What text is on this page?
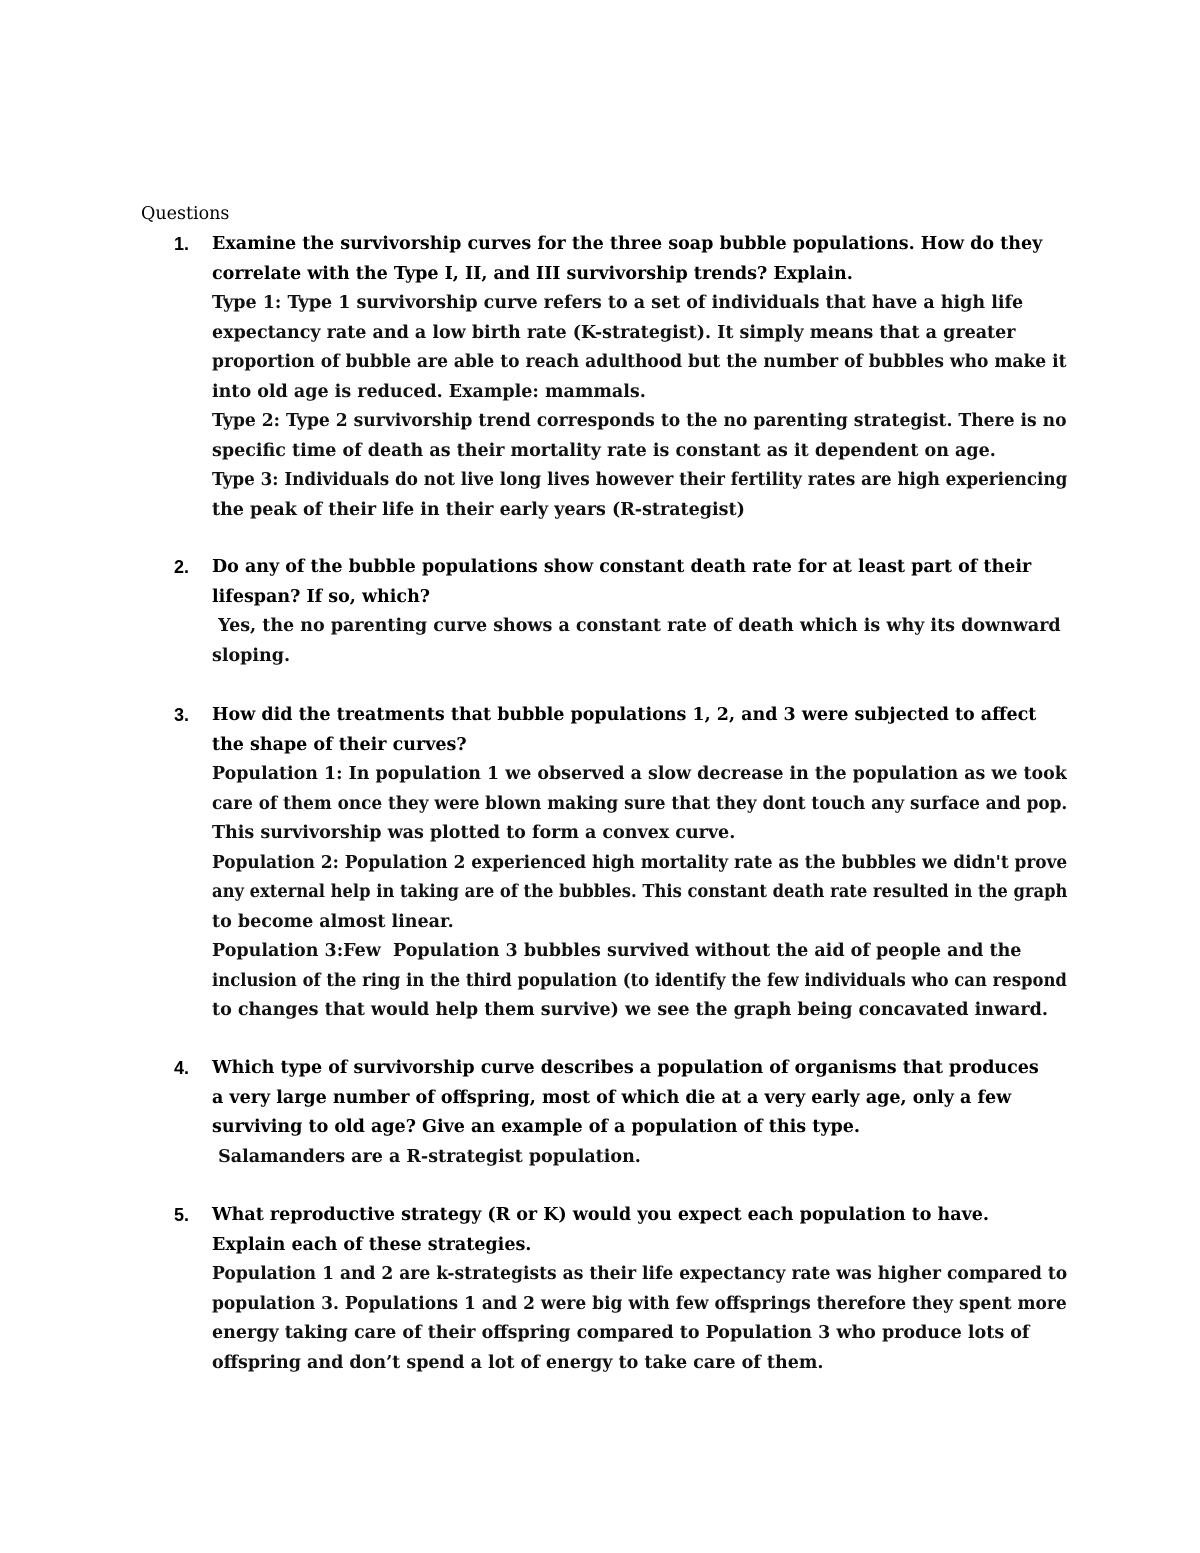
Questions
1. Examine the survivorship curves for the three soap bubble populations. How do they
correlate with the Type I, II, and III survivorship trends? Explain.
Type 1: Type 1 survivorship curve refers to a set of individuals that have a high life
expectancy rate and a low birth rate (K-strategist). It simply means that a greater
proportion of bubble are able to reach adulthood but the number of bubbles who make it
into old age is reduced. Example: mammals.
Type 2: Type 2 survivorship trend corresponds to the no parenting strategist. There is no
specific time of death as their mortality rate is constant as it dependent on age.
Type 3: Individuals do not live long lives however their fertility rates are high experiencing
the peak of their life in their early years (R-strategist)
2. Do any of the bubble populations show constant death rate for at least part of their
lifespan? If so, which?
Yes, the no parenting curve shows a constant rate of death which is why its downward
sloping.
3. How did the treatments that bubble populations 1, 2, and 3 were subjected to affect
the shape of their curves?
Population 1: In population 1 we observed a slow decrease in the population as we took
care of them once they were blown making sure that they dont touch any surface and pop.
This survivorship was plotted to form a convex curve.
Population 2: Population 2 experienced high mortality rate as the bubbles we didn't prove
any external help in taking are of the bubbles. This constant death rate resulted in the graph
to become almost linear.
Population 3:Few  Population 3 bubbles survived without the aid of people and the
inclusion of the ring in the third population (to identify the few individuals who can respond
to changes that would help them survive) we see the graph being concavated inward.
4. Which type of survivorship curve describes a population of organisms that produces
a very large number of offspring, most of which die at a very early age, only a few
surviving to old age? Give an example of a population of this type.
Salamanders are a R-strategist population.
5. What reproductive strategy (R or K) would you expect each population to have.
Explain each of these strategies.
Population 1 and 2 are k-strategists as their life expectancy rate was higher compared to
population 3. Populations 1 and 2 were big with few offsprings therefore they spent more
energy taking care of their offspring compared to Population 3 who produce lots of
offspring and don’t spend a lot of energy to take care of them.
